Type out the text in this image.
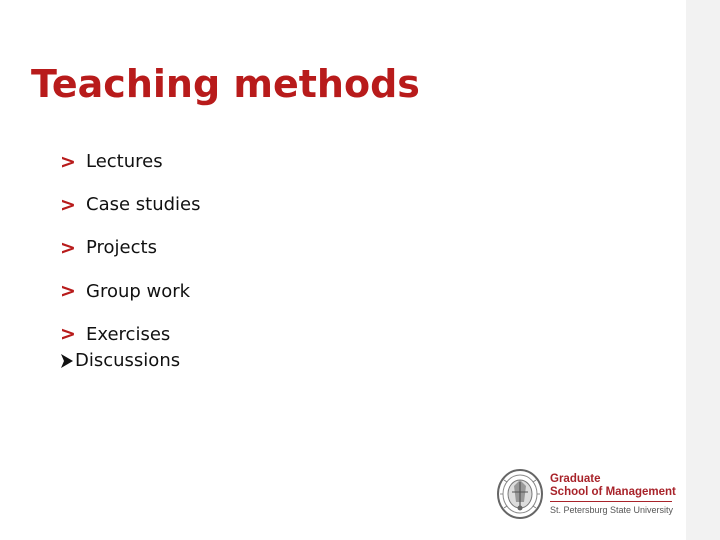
Teaching methods
> Lectures
> Case studies
> Projects
> Group work
> Exercises
Discussions
Graduate
School of Management
St. Petersburg State University
